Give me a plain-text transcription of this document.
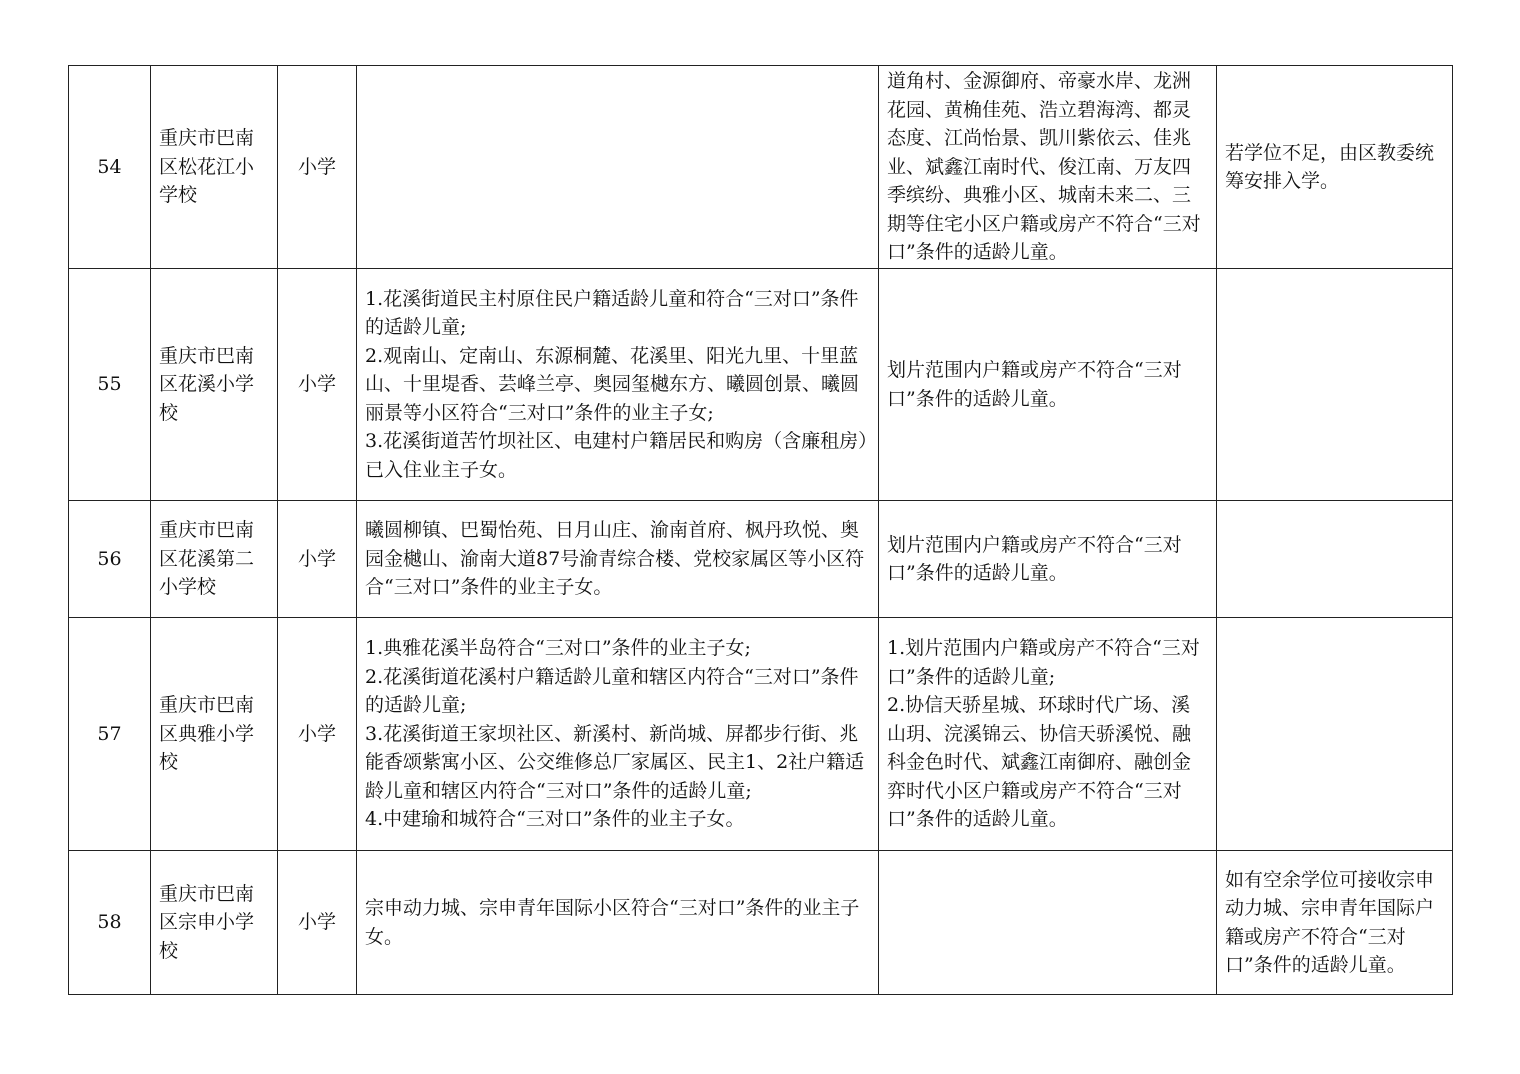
54	重庆市巴南区松花江小学校	小学		道角村、金源御府、帝豪水岸、龙洲花园、黄桷佳苑、浩立碧海湾、都灵态度、江尚怡景、凯川紫依云、佳兆业、斌鑫江南时代、俊江南、万友四季缤纷、典雅小区、城南未来二、三期等住宅小区户籍或房产不符合“三对口”条件的适龄儿童。	若学位不足，由区教委统筹安排入学。

55	重庆市巴南区花溪小学校	小学	1.花溪街道民主村原住民户籍适龄儿童和符合“三对口”条件的适龄儿童;
2.观南山、定南山、东源桐麓、花溪里、阳光九里、十里蓝山、十里堤香、芸峰兰亭、奥园玺樾东方、曦圆创景、曦圆丽景等小区符合“三对口”条件的业主子女;
3.花溪街道苦竹坝社区、电建村户籍居民和购房（含廉租房）已入住业主子女。	划片范围内户籍或房产不符合“三对口”条件的适龄儿童。	

56	重庆市巴南区花溪第二小学校	小学	曦圆柳镇、巴蜀怡苑、日月山庄、渝南首府、枫丹玖悦、奥园金樾山、渝南大道87号渝青综合楼、党校家属区等小区符合“三对口”条件的业主子女。	划片范围内户籍或房产不符合“三对口”条件的适龄儿童。	

57	重庆市巴南区典雅小学校	小学	1.典雅花溪半岛符合“三对口”条件的业主子女;
2.花溪街道花溪村户籍适龄儿童和辖区内符合“三对口”条件的适龄儿童;
3.花溪街道王家坝社区、新溪村、新尚城、屏都步行街、兆能香颂紫寓小区、公交维修总厂家属区、民主1、2社户籍适龄儿童和辖区内符合“三对口”条件的适龄儿童;
4.中建瑜和城符合“三对口”条件的业主子女。	1.划片范围内户籍或房产不符合“三对口”条件的适龄儿童;
2.协信天骄星城、环球时代广场、溪山玥、浣溪锦云、协信天骄溪悦、融科金色时代、斌鑫江南御府、融创金弈时代小区户籍或房产不符合“三对口”条件的适龄儿童。	

58	重庆市巴南区宗申小学校	小学	宗申动力城、宗申青年国际小区符合“三对口”条件的业主子女。		如有空余学位可接收宗申动力城、宗申青年国际户籍或房产不符合“三对口”条件的适龄儿童。
